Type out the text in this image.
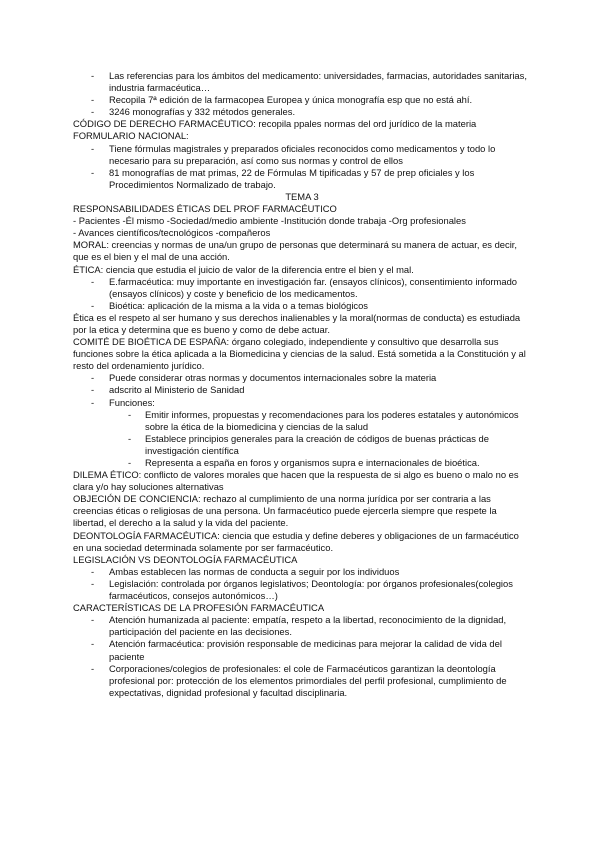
- Las referencias para los ámbitos del medicamento: universidades, farmacias, autoridades sanitarias, industria farmacéutica…
- Recopila 7ª edición de la farmacopea Europea y única monografía esp que no está ahí.
- 3246 monografías y 332 métodos generales.
CÓDIGO DE DERECHO FARMACÉUTICO: recopila ppales normas del ord jurídico de la materia
FORMULARIO NACIONAL:
- Tiene fórmulas magistrales y preparados oficiales reconocidos como medicamentos y todo lo necesario para su preparación, así como sus normas y control de ellos
- 81 monografías de mat primas, 22 de Fórmulas M tipificadas y 57 de prep oficiales y los Procedimientos Normalizado de trabajo.
TEMA 3
RESPONSABILIDADES ÉTICAS DEL PROF FARMACÉUTICO
- Pacientes -Él mismo -Sociedad/medio ambiente -Institución donde trabaja -Org profesionales
- Avances científicos/tecnológicos -compañeros
MORAL: creencias y normas de una/un grupo de personas que determinará su manera de actuar, es decir, que es el bien y el mal de una acción.
ÉTICA: ciencia que estudia el juicio de valor de la diferencia entre el bien y el mal.
- E.farmacéutica: muy importante en investigación far. (ensayos clínicos), consentimiento informado (ensayos clínicos) y coste y beneficio de los medicamentos.
- Bioética: aplicación de la misma a la vida o a temas biológicos
Ética es el respeto al ser humano y sus derechos inalienables y la moral(normas de conducta) es estudiada por la etica y determina que es bueno y como de debe actuar.
COMITÉ DE BIOÉTICA DE ESPAÑA: órgano colegiado, independiente y consultivo que desarrolla sus funciones sobre la ética aplicada a la Biomedicina y ciencias de la salud. Está sometida a la Constitución y al resto del ordenamiento jurídico.
- Puede considerar otras normas y documentos internacionales sobre la materia
- adscrito al Ministerio de Sanidad
- Funciones:
- Emitir informes, propuestas y recomendaciones para los poderes estatales y autonómicos sobre la ética de la biomedicina y ciencias de la salud
- Establece principios generales para la creación de códigos de buenas prácticas de investigación científica
- Representa a españa en foros y organismos supra e internacionales de bioética.
DILEMA ÉTICO: conflicto de valores morales que hacen que la respuesta de si algo es bueno o malo no es clara y/o hay soluciones alternativas
OBJECIÓN DE CONCIENCIA: rechazo al cumplimiento de una norma jurídica por ser contraria a las creencias éticas o religiosas de una persona. Un farmacéutico puede ejercerla siempre que respete la libertad, el derecho a la salud y la vida del paciente.
DEONTOLOGÍA FARMACÉUTICA: ciencia que estudia y define deberes y obligaciones de un farmacéutico en una sociedad determinada solamente por ser farmacéutico.
LEGISLACIÓN VS DEONTOLOGÍA FARMACÉUTICA
- Ambas establecen las normas de conducta a seguir por los individuos
- Legislación: controlada por órganos legislativos; Deontología: por órganos profesionales(colegios farmacéuticos, consejos autonómicos…)
CARACTERÍSTICAS DE LA PROFESIÓN FARMACÉUTICA
- Atención humanizada al paciente: empatía, respeto a la libertad, reconocimiento de la dignidad, participación del paciente en las decisiones.
- Atención farmacéutica: provisión responsable de medicinas para mejorar la calidad de vida del paciente
- Corporaciones/colegios de profesionales: el cole de Farmacéuticos garantizan la deontología profesional por: protección de los elementos primordiales del perfil profesional, cumplimiento de expectativas, dignidad profesional y facultad disciplinaria.
